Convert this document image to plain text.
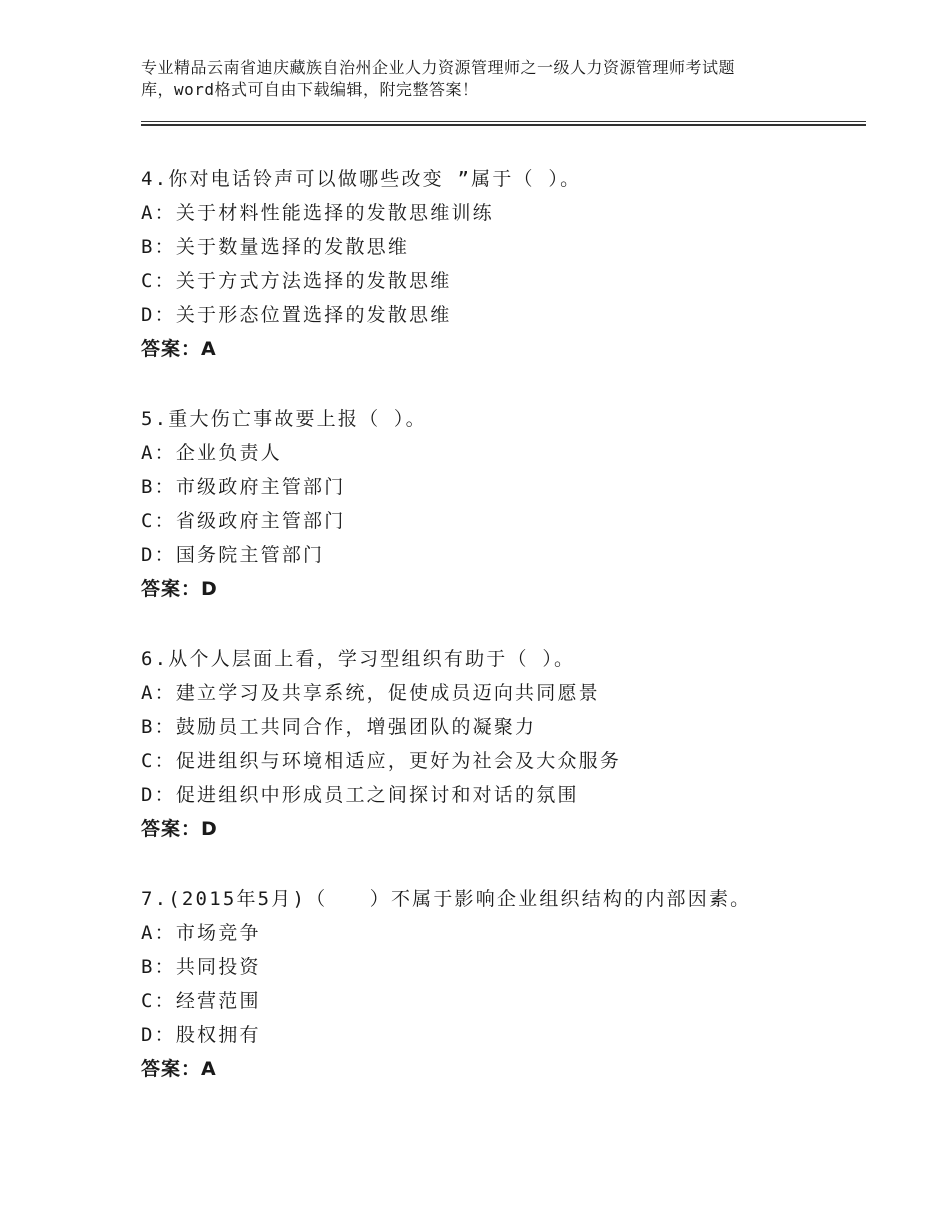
专业精品云南省迪庆藏族自治州企业人力资源管理师之一级人力资源管理师考试题
库，word格式可自由下载编辑，附完整答案！
4.你对电话铃声可以做哪些改变 ”属于（ ）。
A：关于材料性能选择的发散思维训练
B：关于数量选择的发散思维
C：关于方式方法选择的发散思维
D：关于形态位置选择的发散思维
答案：A
5.重大伤亡事故要上报（ ）。
A：企业负责人
B：市级政府主管部门
C：省级政府主管部门
D：国务院主管部门
答案：D
6.从个人层面上看，学习型组织有助于（ ）。
A：建立学习及共享系统，促使成员迈向共同愿景
B：鼓励员工共同合作，增强团队的凝聚力
C：促进组织与环境相适应，更好为社会及大众服务
D：促进组织中形成员工之间探讨和对话的氛围
答案：D
7.(2015年5月)（　　）不属于影响企业组织结构的内部因素。
A：市场竞争
B：共同投资
C：经营范围
D：股权拥有
答案：A
